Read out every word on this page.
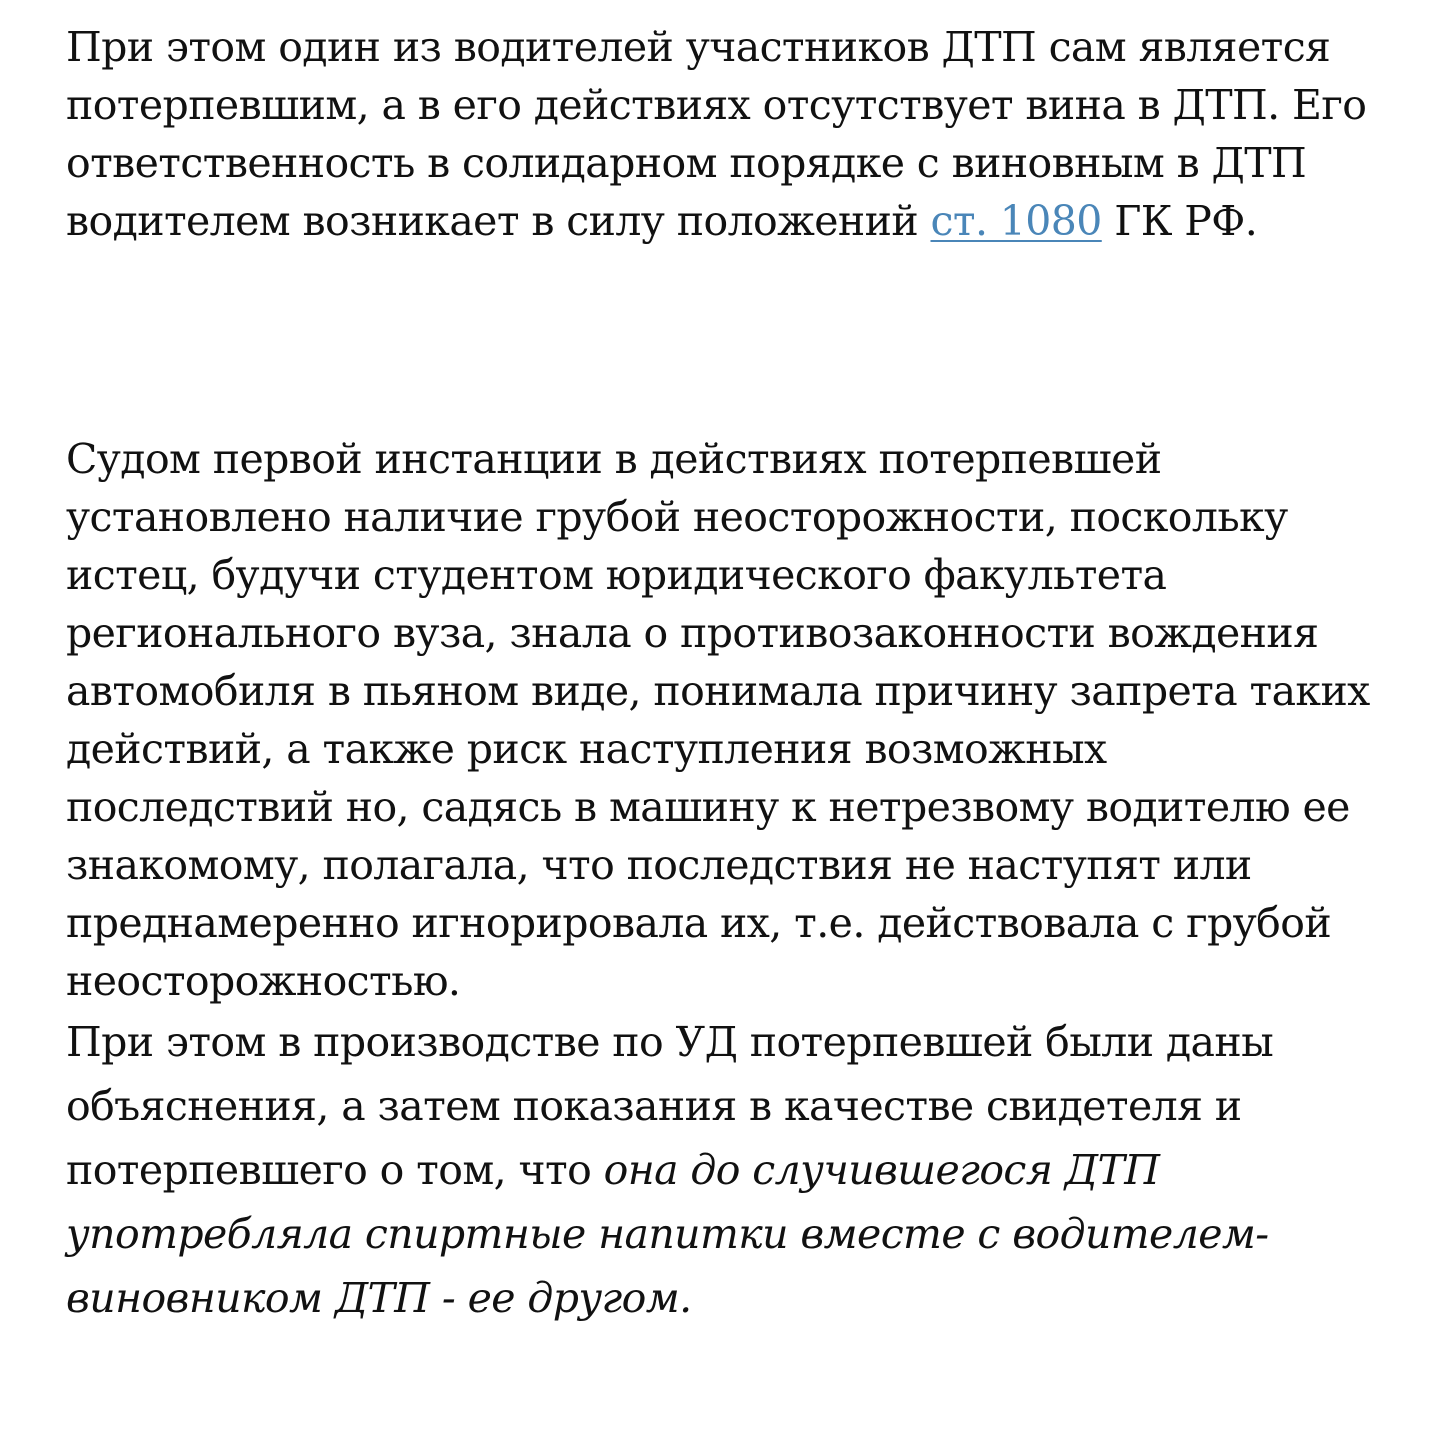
При этом один из водителей участников ДТП сам является потерпевшим, а в его действиях отсутствует вина в ДТП. Его ответственность в солидарном порядке с виновным в ДТП водителем возникает в силу положений ст. 1080 ГК РФ.

Судом первой инстанции в действиях потерпевшей установлено наличие грубой неосторожности, поскольку истец, будучи студентом юридического факультета регионального вуза, знала о противозаконности вождения автомобиля в пьяном виде, понимала причину запрета таких действий, а также риск наступления возможных последствий но, садясь в машину к нетрезвому водителю ее знакомому, полагала, что последствия не наступят или преднамеренно игнорировала их, т.е. действовала с грубой неосторожностью.

При этом в производстве по УД потерпевшей были даны объяснения, а затем показания в качестве свидетеля и потерпевшего о том, что она до случившегося ДТП употребляла спиртные напитки вместе с водителем-виновником ДТП - ее другом.
